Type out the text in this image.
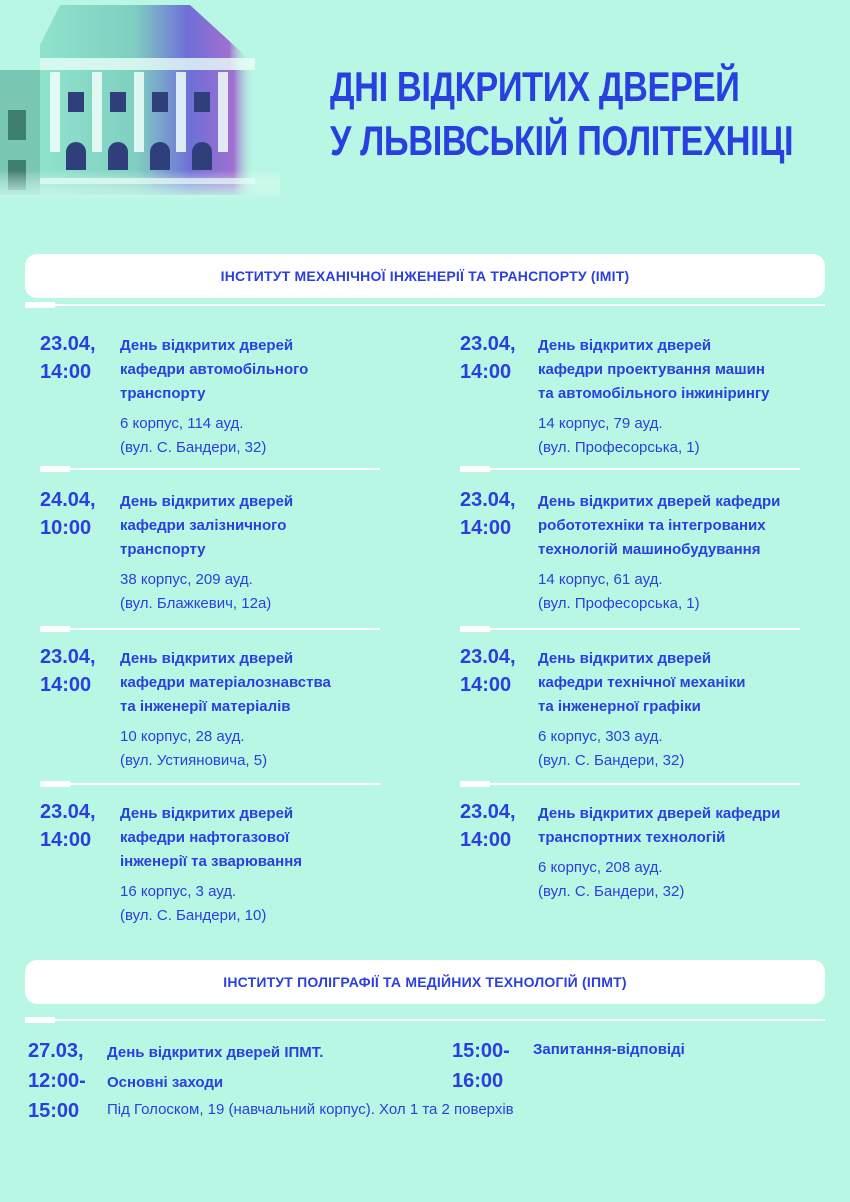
ДНІ ВІДКРИТИХ ДВЕРЕЙ
У ЛЬВІВСЬКІЙ ПОЛІТЕХНІЦІ
ІНСТИТУТ МЕХАНІЧНОЇ ІНЖЕНЕРІЇ ТА ТРАНСПОРТУ (ІМІТ)
23.04,
14:00
День відкритих дверей
кафедри автомобільного
транспорту
6 корпус, 114 ауд.
(вул. С. Бандери, 32)
23.04,
14:00
День відкритих дверей
кафедри проектування машин
та автомобільного інжинірингу
14 корпус, 79 ауд.
(вул. Професорська, 1)
24.04,
10:00
День відкритих дверей
кафедри залізничного
транспорту
38 корпус, 209 ауд.
(вул. Блажкевич, 12а)
23.04,
14:00
День відкритих дверей кафедри
робототехніки та інтегрованих
технологій машинобудування
14 корпус, 61 ауд.
(вул. Професорська, 1)
23.04,
14:00
День відкритих дверей
кафедри матеріалознавства
та інженерії матеріалів
10 корпус, 28 ауд.
(вул. Устияновича, 5)
23.04,
14:00
День відкритих дверей
кафедри технічної механіки
та інженерної графіки
6 корпус, 303 ауд.
(вул. С. Бандери, 32)
23.04,
14:00
День відкритих дверей
кафедри нафтогазової
інженерії та зварювання
16 корпус, 3 ауд.
(вул. С. Бандери, 10)
23.04,
14:00
День відкритих дверей кафедри
транспортних технологій
6 корпус, 208 ауд.
(вул. С. Бандери, 32)
ІНСТИТУТ ПОЛІГРАФІЇ ТА МЕДІЙНИХ ТЕХНОЛОГІЙ (ІПМТ)
27.03,
12:00-
15:00
День відкритих дверей ІПМТ.
Основні заходи
Під Голоском, 19 (навчальний корпус). Хол 1 та 2 поверхів
15:00-
16:00
Запитання-відповіді
